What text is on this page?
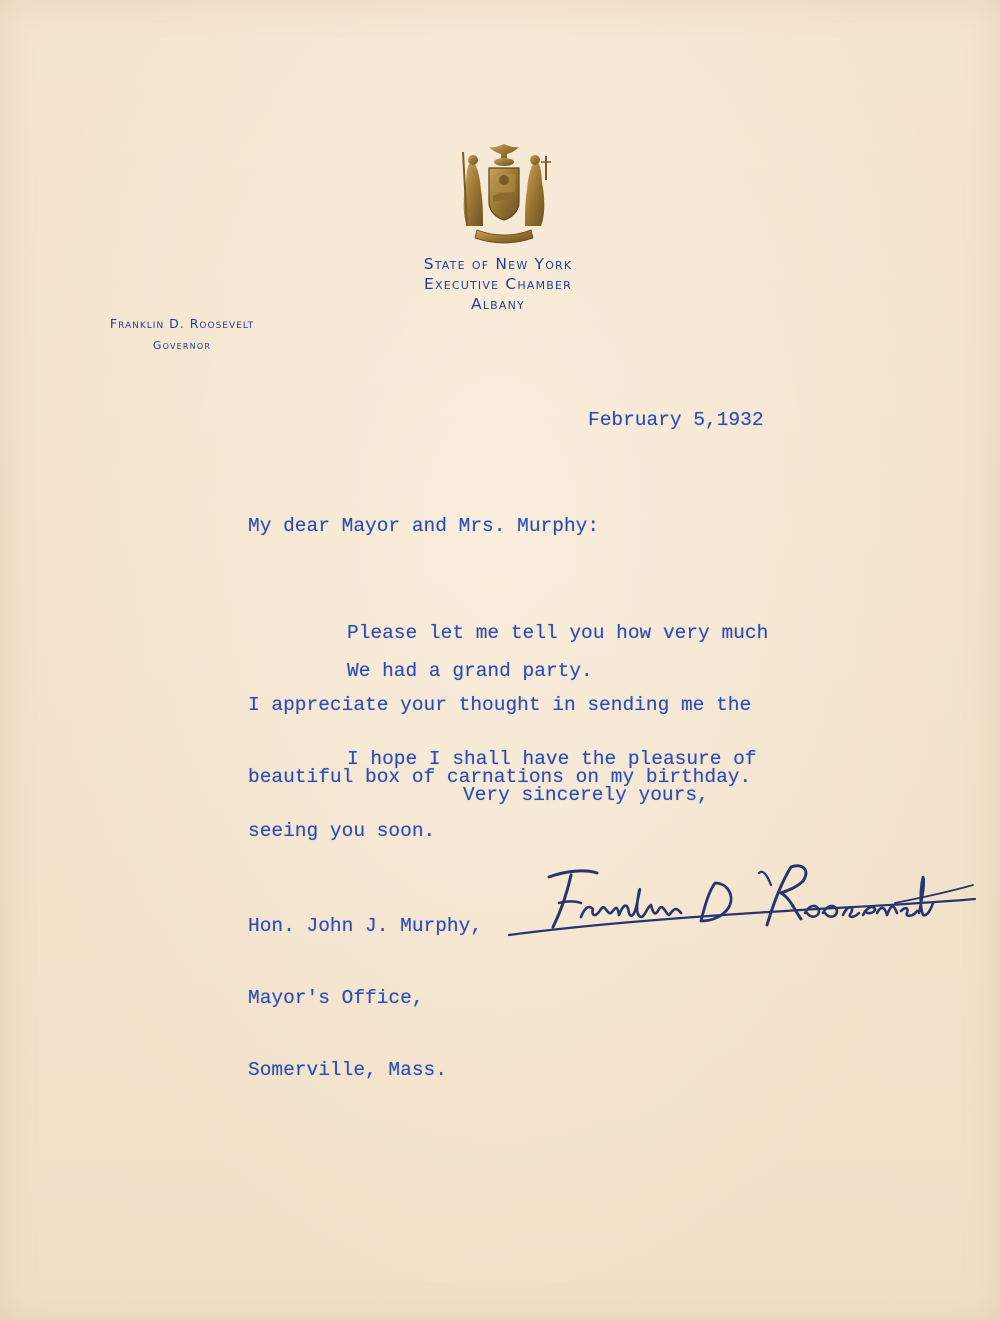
State of New York
Executive Chamber
Albany
Franklin D. Roosevelt
Governor
February 5,1932
My dear Mayor and Mrs. Murphy:

Please let me tell you how very much

I appreciate your thought in sending me the

beautiful box of carnations on my birthday.

We had a grand party.

I hope I shall have the pleasure of

seeing you soon.

Very sincerely yours,

Hon. John J. Murphy,

Mayor's Office,

Somerville, Mass.
